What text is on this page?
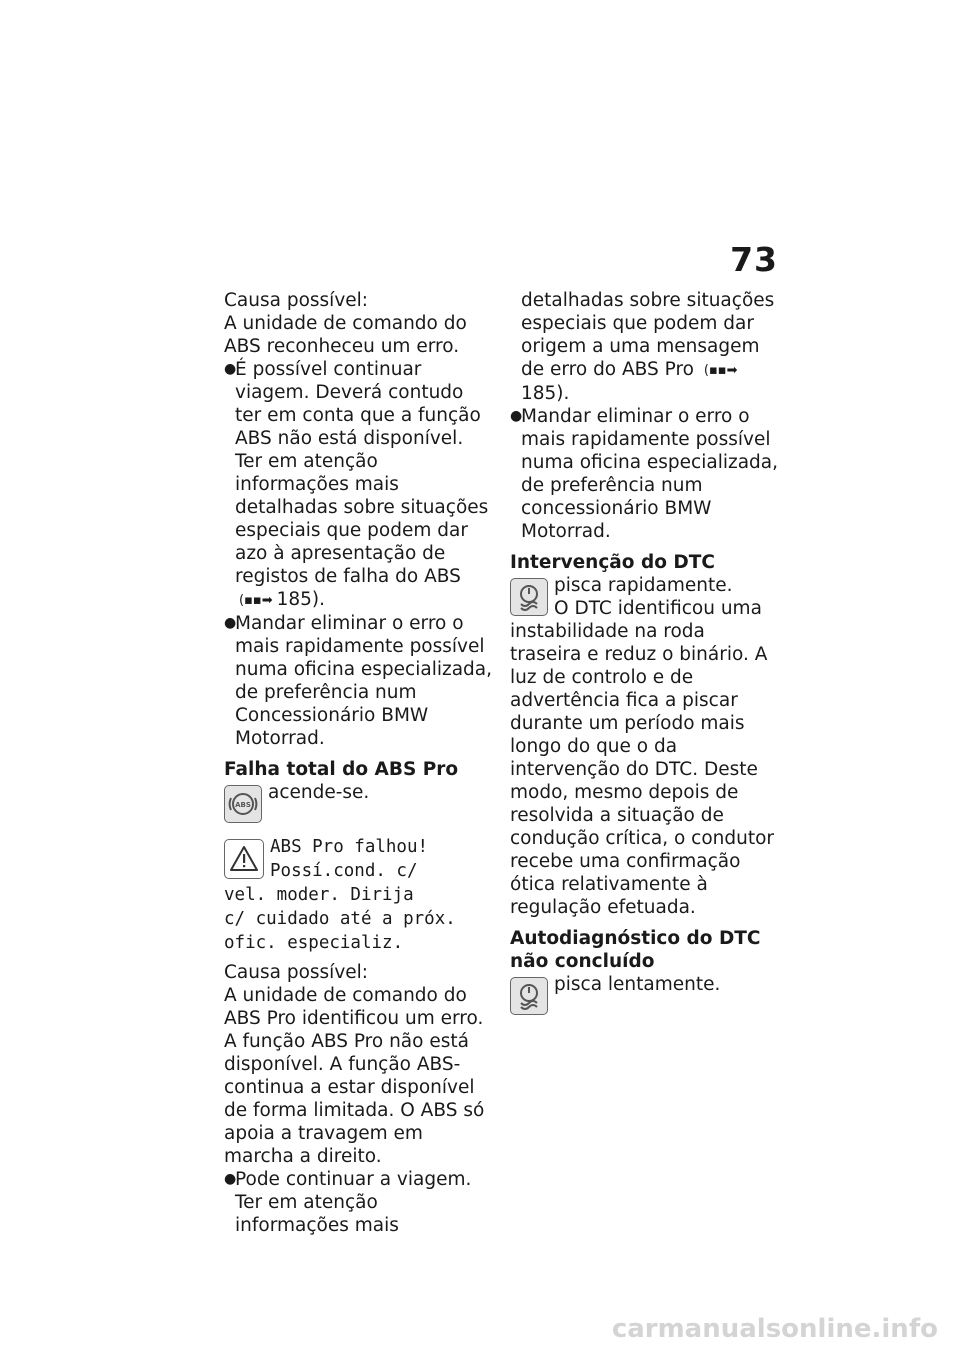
73

Causa possível:

A unidade de comando do ABS reconheceu um erro.

●
É possível continuar viagem. Deverá contudo ter em conta que a função ABS não está disponível. Ter em atenção informações mais detalhadas sobre situações especiais que podem dar azo à apresentação de registos de falha do ABS (▪▪➡ 185).
●
Mandar eliminar o erro o mais rapidamente possível numa oficina especializada, de preferência num Concessionário BMW Motorrad.

Falha total do ABS Pro

ABS
acende-se.
ABS Pro falhou!
Possí.cond. c/
vel. moder. Dirija
c/ cuidado até a próx.
ofic. especializ.

Causa possível:

A unidade de comando do ABS Pro identificou um erro. A função ABS Pro não está disponível. A função ABS-continua a estar disponível de forma limitada. O ABS só apoia a travagem em marcha a direito.

●
Pode continuar a viagem. Ter em atenção informações mais
detalhadas sobre situações especiais que podem dar origem a uma mensagem de erro do ABS Pro (▪▪➡185).
●
Mandar eliminar o erro o mais rapidamente possível numa oficina especializada, de preferência num concessionário BMW Motorrad.

Intervenção do DTC

pisca rapidamente.
O DTC identificou uma instabilidade na roda traseira e reduz o binário. A luz de controlo e de advertência fica a piscar durante um período mais longo do que o da intervenção do DTC. Deste modo, mesmo depois de resolvida a situação de condução crítica, o condutor recebe uma confirmação ótica relativamente à regulação efetuada.

Autodiagnóstico do DTC não concluído

pisca lentamente.
carmanualsonline.info
